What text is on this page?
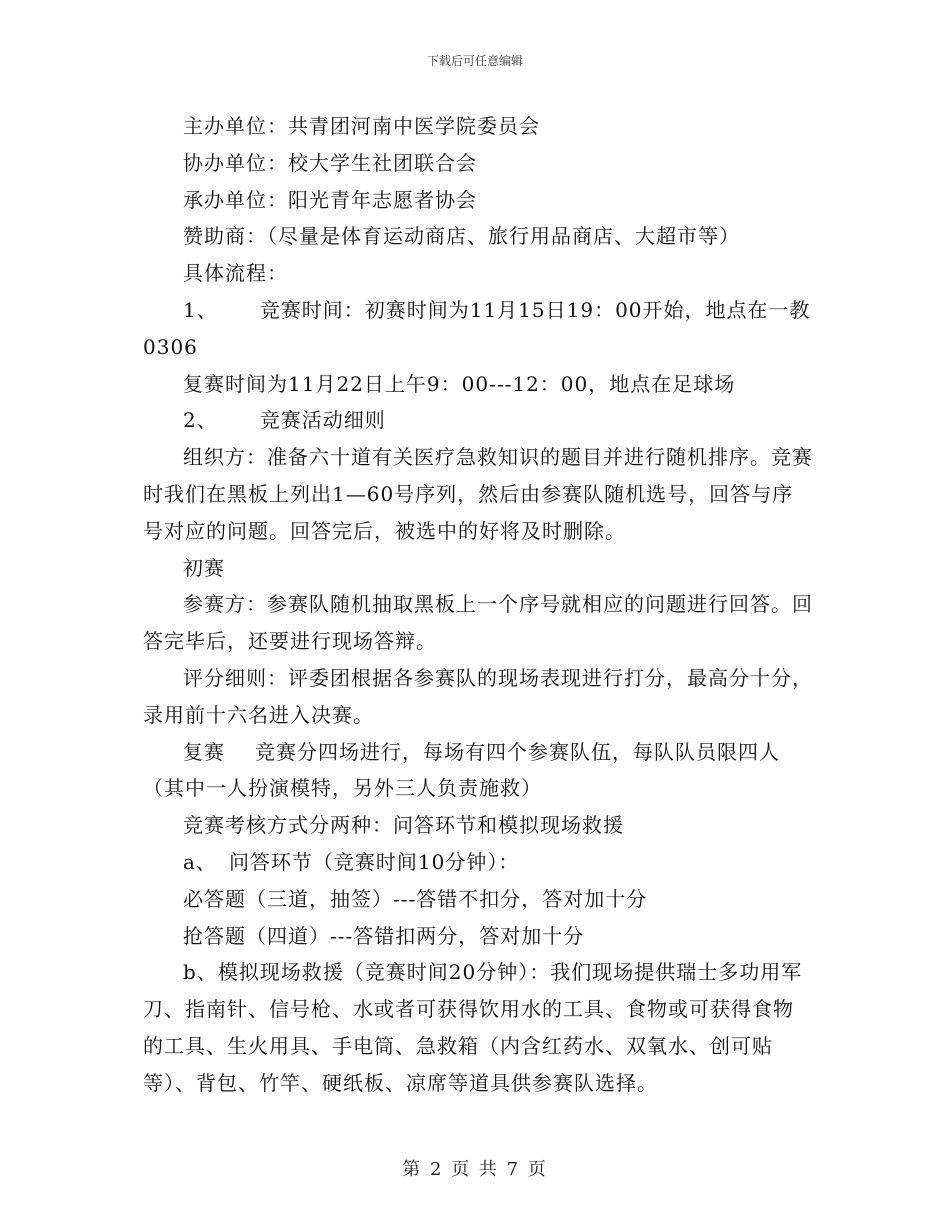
下载后可任意编辑

主办单位：共青团河南中医学院委员会

协办单位：校大学生社团联合会

承办单位：阳光青年志愿者协会

赞助商：（尽量是体育运动商店、旅行用品商店、大超市等）

具体流程：

1、 竞赛时间：初赛时间为11月15日19：00开始，地点在一教0306

复赛时间为11月22日上午9：00---12：00，地点在足球场

2、 竞赛活动细则

组织方：准备六十道有关医疗急救知识的题目并进行随机排序。竞赛时我们在黑板上列出1—60号序列，然后由参赛队随机选号，回答与序号对应的问题。回答完后，被选中的好将及时删除。

初赛

参赛方：参赛队随机抽取黑板上一个序号就相应的问题进行回答。回答完毕后，还要进行现场答辩。

评分细则：评委团根据各参赛队的现场表现进行打分，最高分十分，录用前十六名进入决赛。

复赛 竞赛分四场进行，每场有四个参赛队伍，每队队员限四人（其中一人扮演模特，另外三人负责施救）

竞赛考核方式分两种：问答环节和模拟现场救援

a、 问答环节（竞赛时间10分钟）：

必答题（三道，抽签）---答错不扣分，答对加十分

抢答题（四道）---答错扣两分，答对加十分

b、模拟现场救援（竞赛时间20分钟）：我们现场提供瑞士多功用军刀、指南针、信号枪、水或者可获得饮用水的工具、食物或可获得食物的工具、生火用具、手电筒、急救箱（内含红药水、双氧水、创可贴等）、背包、竹竿、硬纸板、凉席等道具供参赛队选择。

第 2 页 共 7 页
